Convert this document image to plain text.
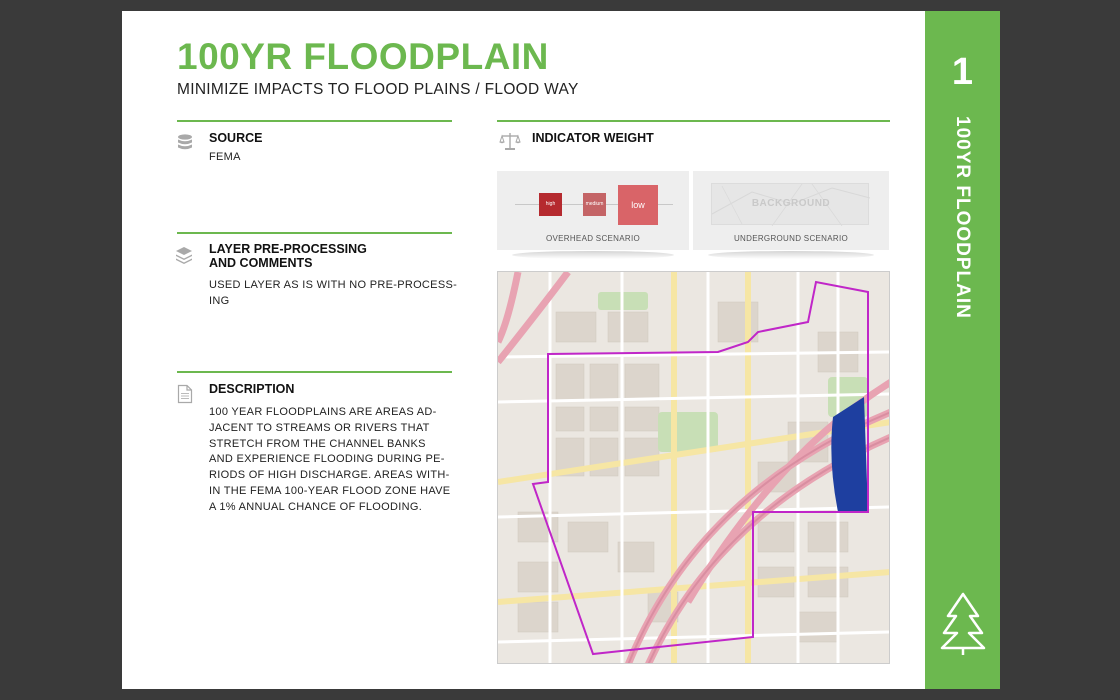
100YR FLOODPLAIN
MINIMIZE IMPACTS TO FLOOD PLAINS / FLOOD WAY
SOURCE
FEMA
LAYER PRE-PROCESSING
AND COMMENTS
USED LAYER AS IS WITH NO PRE-PROCESS-
ING
DESCRIPTION
100 YEAR FLOODPLAINS ARE AREAS AD-
JACENT TO STREAMS OR RIVERS THAT
STRETCH FROM THE CHANNEL BANKS
AND EXPERIENCE FLOODING DURING PE-
RIODS OF HIGH DISCHARGE. AREAS WITH-
IN THE FEMA 100-YEAR FLOOD ZONE HAVE
A 1% ANNUAL CHANCE OF FLOODING.
INDICATOR WEIGHT
high	medium	low
OVERHEAD SCENARIO
BACKGROUND
UNDERGROUND SCENARIO
1
100YR FLOODPLAIN
